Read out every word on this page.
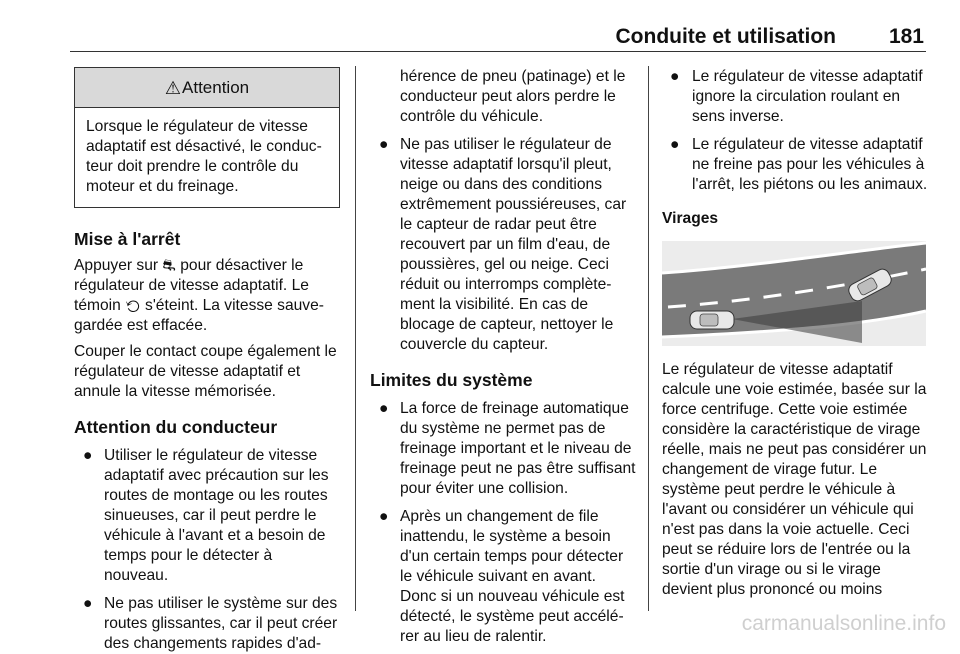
Conduite et utilisation	181
⚠ Attention
Lorsque le régulateur de vitesse adaptatif est désactivé, le conducteur doit prendre le contrôle du moteur et du freinage.
Mise à l'arrêt

Appuyer sur ⛐ pour désactiver le régulateur de vitesse adaptatif. Le témoin ⟲ s'éteint. La vitesse sauvegardée est effacée.

Couper le contact coupe également le régulateur de vitesse adaptatif et annule la vitesse mémorisée.

Attention du conducteur
● Utiliser le régulateur de vitesse adaptatif avec précaution sur les routes de montage ou les routes sinueuses, car il peut perdre le véhicule à l'avant et a besoin de temps pour le détecter à nouveau.
● Ne pas utiliser le système sur des routes glissantes, car il peut créer des changements rapides d'ad-

hérence de pneu (patinage) et le conducteur peut alors perdre le contrôle du véhicule.

● Ne pas utiliser le régulateur de vitesse adaptatif lorsqu'il pleut, neige ou dans des conditions extrêmement poussiéreuses, car le capteur de radar peut être recouvert par un film d'eau, de poussières, gel ou neige. Ceci réduit ou interromps complètement la visibilité. En cas de blocage de capteur, nettoyer le couvercle du capteur.
Limites du système
● La force de freinage automatique du système ne permet pas de freinage important et le niveau de freinage peut ne pas être suffisant pour éviter une collision.
● Après un changement de file inattendu, le système a besoin d'un certain temps pour détecter le véhicule suivant en avant. Donc si un nouveau véhicule est détecté, le système peut accélérer au lieu de ralentir.
● Le régulateur de vitesse adaptatif ignore la circulation roulant en sens inverse.
● Le régulateur de vitesse adaptatif ne freine pas pour les véhicules à l'arrêt, les piétons ou les animaux.
Virages

Le régulateur de vitesse adaptatif calcule une voie estimée, basée sur la force centrifuge. Cette voie estimée considère la caractéristique de virage réelle, mais ne peut pas considérer un changement de virage futur. Le système peut perdre le véhicule à l'avant ou considérer un véhicule qui n'est pas dans la voie actuelle. Ceci peut se réduire lors de l'entrée ou la sortie d'un virage ou si le virage devient plus prononcé ou moins

carmanualsonline.info
